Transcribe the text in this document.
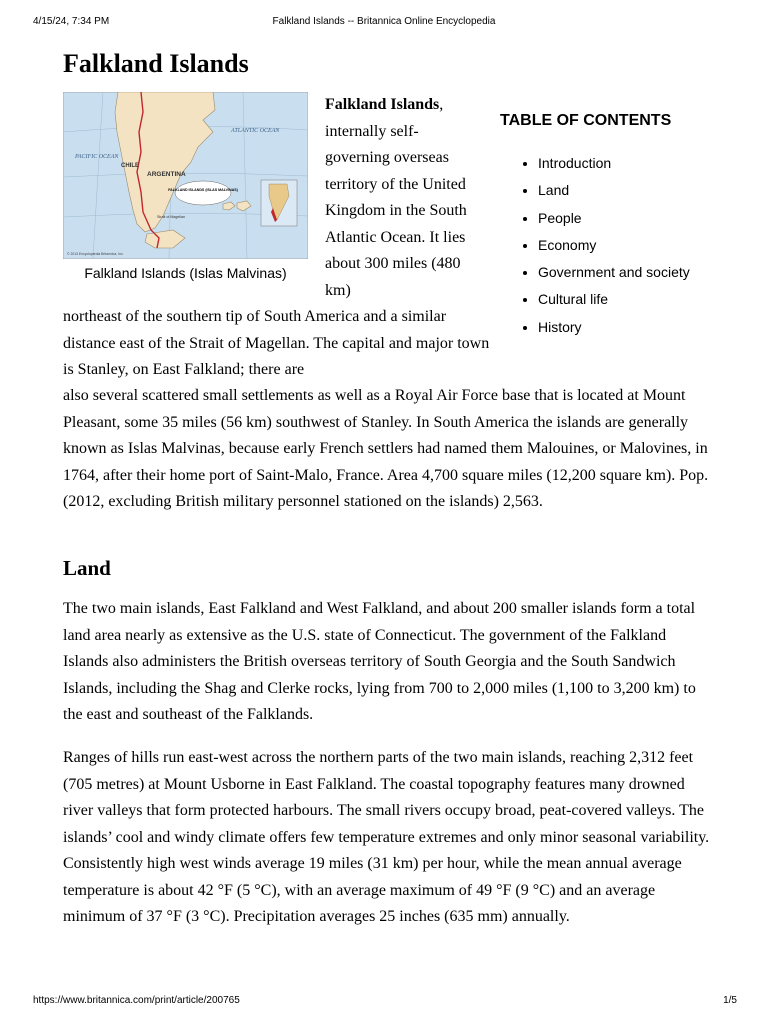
4/15/24, 7:34 PM	Falkland Islands -- Britannica Online Encyclopedia
Falkland Islands
FALKLAND ISLANDS (ISLAS MALVINAS)
PACIFIC OCEAN
ATLANTIC OCEAN
CHILE
ARGENTINA
Strait of Magellan
© 2013 Encyclopædia Britannica, Inc.
Falkland Islands (Islas Malvinas)
Falkland Islands, internally self-governing overseas territory of the United Kingdom in the South Atlantic Ocean. It lies about 300 miles (480 km)
TABLE OF CONTENTS
• Introduction
• Land
• People
• Economy
• Government and society
• Cultural life
• History

northeast of the southern tip of South America and a similar distance east of the Strait of Magellan. The capital and major town is Stanley, on East Falkland; there are

also several scattered small settlements as well as a Royal Air Force base that is located at Mount Pleasant, some 35 miles (56 km) southwest of Stanley. In South America the islands are generally known as Islas Malvinas, because early French settlers had named them Malouines, or Malovines, in 1764, after their home port of Saint-Malo, France. Area 4,700 square miles (12,200 square km). Pop. (2012, excluding British military personnel stationed on the islands) 2,563.

Land

The two main islands, East Falkland and West Falkland, and about 200 smaller islands form a total land area nearly as extensive as the U.S. state of Connecticut. The government of the Falkland Islands also administers the British overseas territory of South Georgia and the South Sandwich Islands, including the Shag and Clerke rocks, lying from 700 to 2,000 miles (1,100 to 3,200 km) to the east and southeast of the Falklands.

Ranges of hills run east-west across the northern parts of the two main islands, reaching 2,312 feet (705 metres) at Mount Usborne in East Falkland. The coastal topography features many drowned river valleys that form protected harbours. The small rivers occupy broad, peat-covered valleys. The islands’ cool and windy climate offers few temperature extremes and only minor seasonal variability. Consistently high west winds average 19 miles (31 km) per hour, while the mean annual average temperature is about 42 °F (5 °C), with an average maximum of 49 °F (9 °C) and an average minimum of 37 °F (3 °C). Precipitation averages 25 inches (635 mm) annually.

https://www.britannica.com/print/article/200765	1/5
